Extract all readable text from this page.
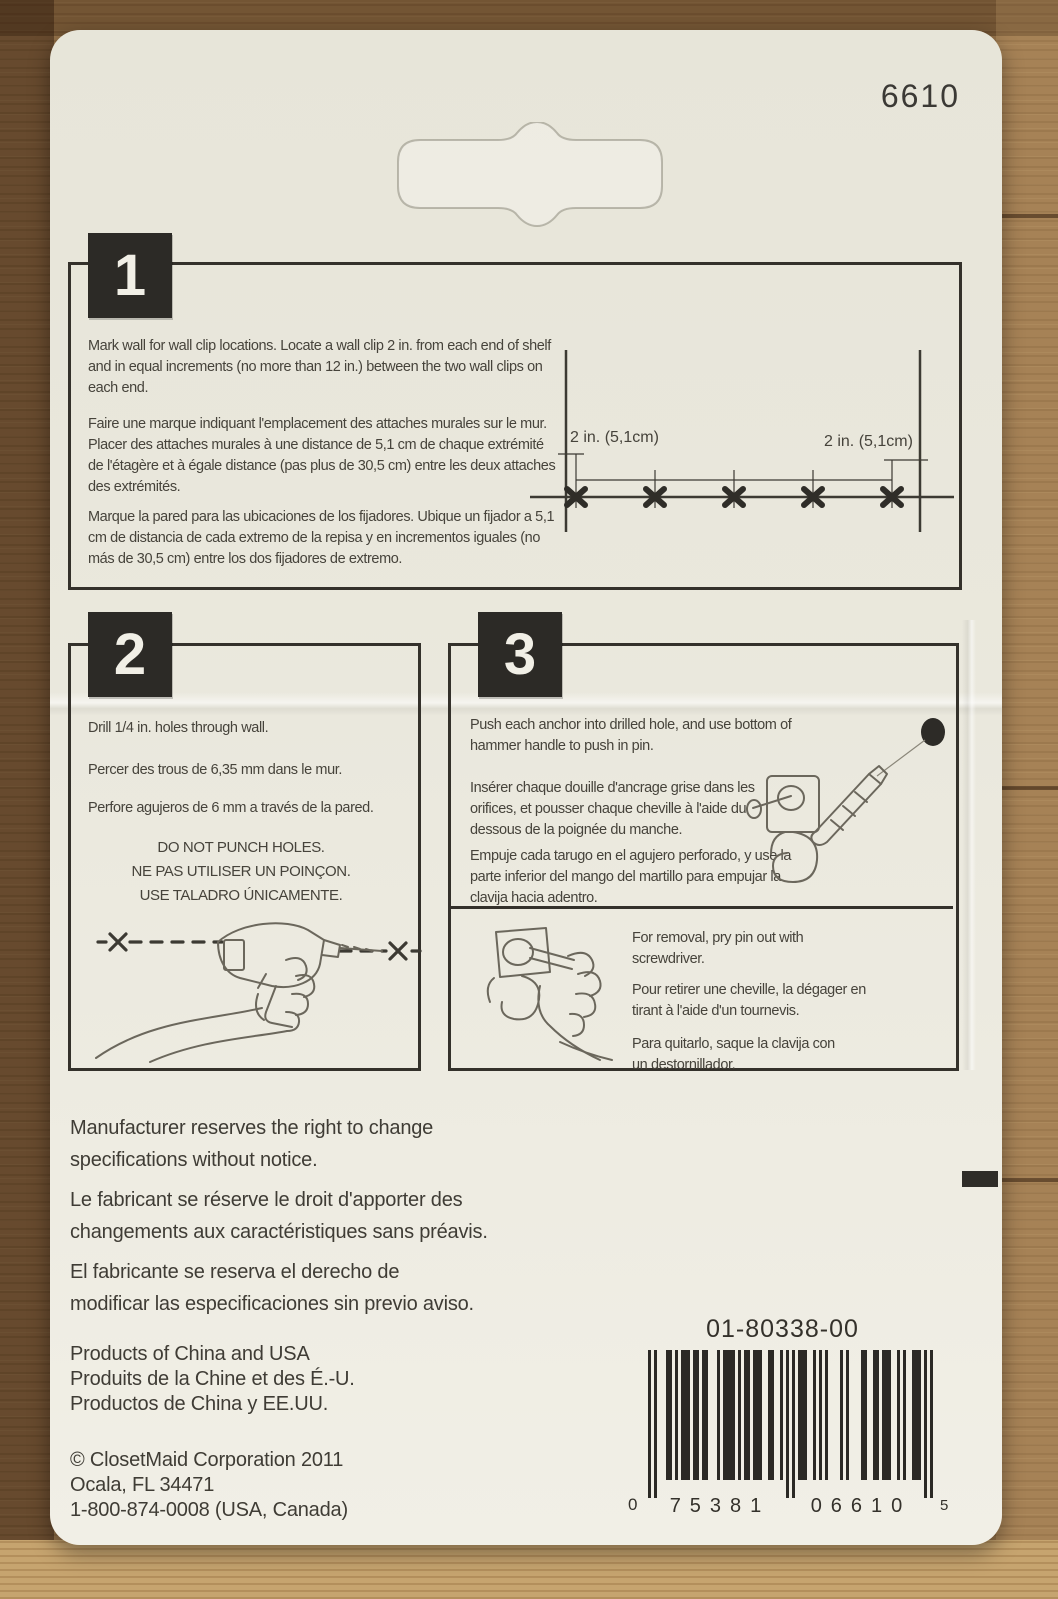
6610
1
Mark wall for wall clip locations. Locate a wall clip 2 in. from each end of shelf and in equal increments (no more than 12 in.) between the two wall clips on each end.
Faire une marque indiquant l'emplacement des attaches murales sur le mur. Placer des attaches murales à une distance de 5,1 cm de chaque extrémité de l'étagère et à égale distance (pas plus de 30,5 cm) entre les deux attaches des extrémités.
Marque la pared para las ubicaciones de los fijadores. Ubique un fijador a 5,1 cm de distancia de cada extremo de la repisa y en incrementos iguales (no más de 30,5 cm) entre los dos fijadores de extremo.
2 in. (5,1cm)	2 in. (5,1cm)
2
Drill 1/4 in. holes through wall.
Percer des trous de 6,35 mm dans le mur.
Perfore agujeros de 6 mm a través de la pared.
DO NOT PUNCH HOLES.
NE PAS UTILISER UN POINÇON.
USE TALADRO ÚNICAMENTE.
3
Push each anchor into drilled hole, and use bottom of hammer handle to push in pin.
Insérer chaque douille d'ancrage grise dans les orifices, et pousser chaque cheville à l'aide du dessous de la poignée du manche.
Empuje cada tarugo en el agujero perforado, y use la parte inferior del mango del martillo para empujar la clavija hacia adentro.
For removal, pry pin out with screwdriver.
Pour retirer une cheville, la dégager en tirant à l'aide d'un tournevis.
Para quitarlo, saque la clavija con un destornillador.
Manufacturer reserves the right to change
specifications without notice.
Le fabricant se réserve le droit d'apporter des
changements aux caractéristiques sans préavis.
El fabricante se reserva el derecho de
modificar las especificaciones sin previo aviso.
Products of China and USA
Produits de la Chine et des É.-U.
Productos de China y EE.UU.
© ClosetMaid Corporation 2011
Ocala, FL 34471
1-800-874-0008 (USA, Canada)
01-80338-00
0 75381 06610 5
